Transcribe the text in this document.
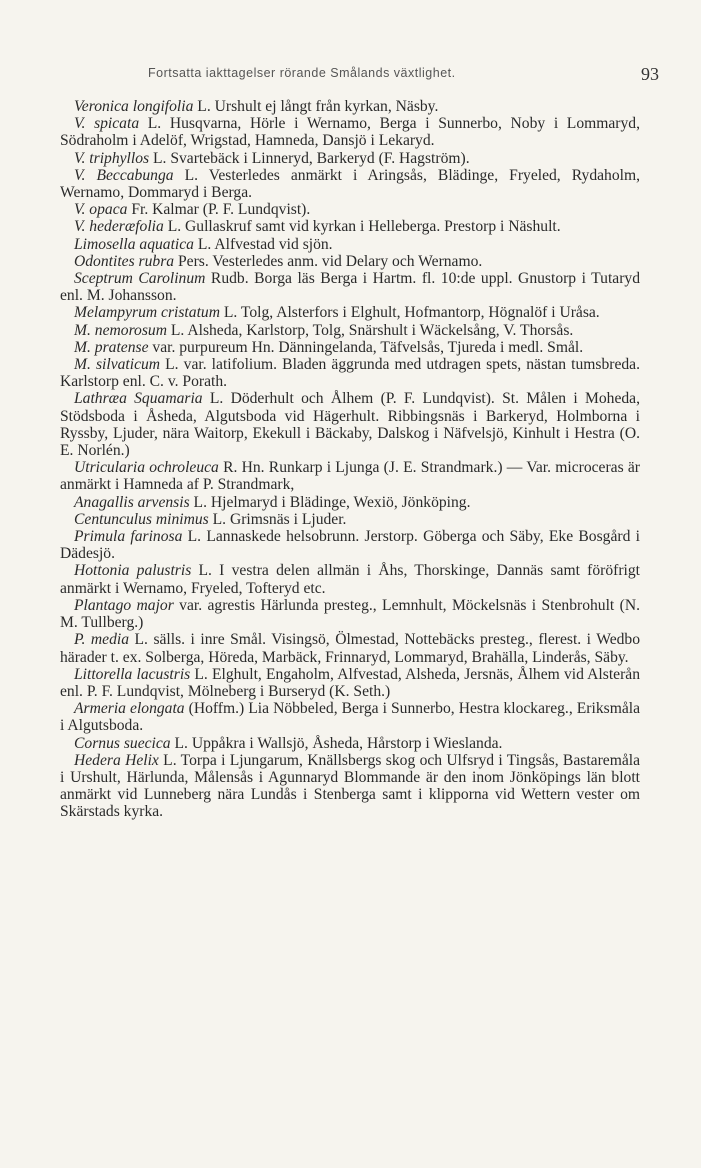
Fortsatta iakttagelser rörande Smålands växtlighet.	93

Veronica longifolia L. Urshult ej långt från kyrkan, Näsby.

V. spicata L. Husqvarna, Hörle i Wernamo, Berga i Sunnerbo, Noby i Lommaryd, Södraholm i Adelöf, Wrigstad, Hamneda, Dansjö i Lekaryd.

V. triphyllos L. Svartebäck i Linneryd, Barkeryd (F. Hagström).

V. Beccabunga L. Vesterledes anmärkt i Aringsås, Blädinge, Fryeled, Rydaholm, Wernamo, Dommaryd i Berga.

V. opaca Fr. Kalmar (P. F. Lundqvist).

V. hederæfolia L. Gullaskruf samt vid kyrkan i Helleberga. Prestorp i Näshult.

Limosella aquatica L. Alfvestad vid sjön.

Odontites rubra Pers. Vesterledes anm. vid Delary och Wernamo.

Sceptrum Carolinum Rudb. Borga läs Berga i Hartm. fl. 10:de uppl. Gnustorp i Tutaryd enl. M. Johansson.

Melampyrum cristatum L. Tolg, Alsterfors i Elghult, Hofmantorp, Högnalöf i Uråsa.

M. nemorosum L. Alsheda, Karlstorp, Tolg, Snärshult i Wäckelsång, V. Thorsås.

M. pratense var. purpureum Hn. Dänningelanda, Täfvelsås, Tjureda i medl. Smål.

M. silvaticum L. var. latifolium. Bladen äggrunda med utdragen spets, nästan tumsbreda. Karlstorp enl. C. v. Porath.

Lathræa Squamaria L. Döderhult och Ålhem (P. F. Lundqvist). St. Målen i Moheda, Stödsboda i Åsheda, Algutsboda vid Hägerhult. Ribbingsnäs i Barkeryd, Holmborna i Ryssby, Ljuder, nära Waitorp, Ekekull i Bäckaby, Dalskog i Näfvelsjö, Kinhult i Hestra (O. E. Norlén.)

Utricularia ochroleuca R. Hn. Runkarp i Ljunga (J. E. Strandmark.) — Var. microceras är anmärkt i Hamneda af P. Strandmark,

Anagallis arvensis L. Hjelmaryd i Blädinge, Wexiö, Jönköping.

Centunculus minimus L. Grimsnäs i Ljuder.

Primula farinosa L. Lannaskede helsobrunn. Jerstorp. Göberga och Säby, Eke Bosgård i Dädesjö.

Hottonia palustris L. I vestra delen allmän i Åhs, Thorskinge, Dannäs samt föröfrigt anmärkt i Wernamo, Fryeled, Tofteryd etc.

Plantago major var. agrestis Härlunda presteg., Lemnhult, Möckelsnäs i Stenbrohult (N. M. Tullberg.)

P. media L. sälls. i inre Smål. Visingsö, Ölmestad, Nottebäcks presteg., flerest. i Wedbo härader t. ex. Solberga, Höreda, Marbäck, Frinnaryd, Lommaryd, Brahälla, Linderås, Säby.

Littorella lacustris L. Elghult, Engaholm, Alfvestad, Alsheda, Jersnäs, Ålhem vid Alsterån enl. P. F. Lundqvist, Mölneberg i Burseryd (K. Seth.)

Armeria elongata (Hoffm.) Lia Nöbbeled, Berga i Sunnerbo, Hestra klockareg., Eriksmåla i Algutsboda.

Cornus suecica L. Uppåkra i Wallsjö, Åsheda, Hårstorp i Wieslanda.

Hedera Helix L. Torpa i Ljungarum, Knällsbergs skog och Ulfsryd i Tingsås, Bastaremåla i Urshult, Härlunda, Målensås i Agunnaryd Blommande är den inom Jönköpings län blott anmärkt vid Lunneberg nära Lundås i Stenberga samt i klipporna vid Wettern vester om Skärstads kyrka.
